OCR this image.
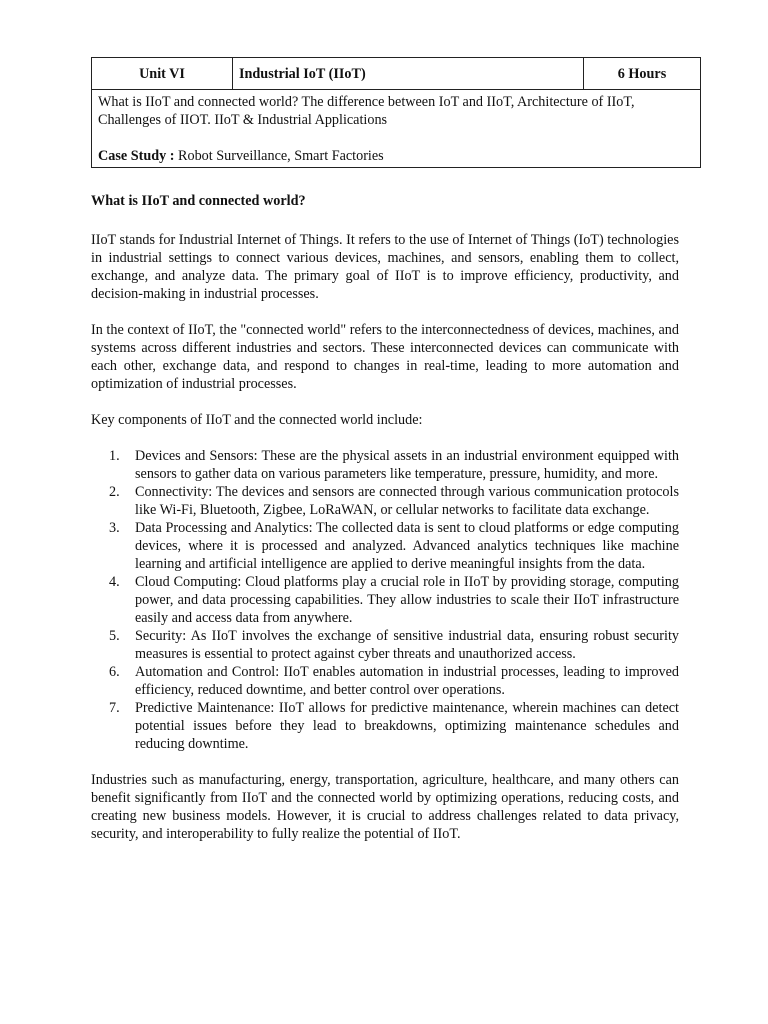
Unit VI	Industrial IoT (IIoT)	6 Hours

What is IIoT and connected world? The difference between IoT and IIoT, Architecture of IIoT, Challenges of IIOT. IIoT & Industrial Applications

Case Study : Robot Surveillance, Smart Factories

What is IIoT and connected world?

IIoT stands for Industrial Internet of Things. It refers to the use of Internet of Things (IoT) technologies in industrial settings to connect various devices, machines, and sensors, enabling them to collect, exchange, and analyze data. The primary goal of IIoT is to improve efficiency, productivity, and decision-making in industrial processes.

In the context of IIoT, the "connected world" refers to the interconnectedness of devices, machines, and systems across different industries and sectors. These interconnected devices can communicate with each other, exchange data, and respond to changes in real-time, leading to more automation and optimization of industrial processes.

Key components of IIoT and the connected world include:

1. Devices and Sensors: These are the physical assets in an industrial environment equipped with sensors to gather data on various parameters like temperature, pressure, humidity, and more.
2. Connectivity: The devices and sensors are connected through various communication protocols like Wi-Fi, Bluetooth, Zigbee, LoRaWAN, or cellular networks to facilitate data exchange.
3. Data Processing and Analytics: The collected data is sent to cloud platforms or edge computing devices, where it is processed and analyzed. Advanced analytics techniques like machine learning and artificial intelligence are applied to derive meaningful insights from the data.
4. Cloud Computing: Cloud platforms play a crucial role in IIoT by providing storage, computing power, and data processing capabilities. They allow industries to scale their IIoT infrastructure easily and access data from anywhere.
5. Security: As IIoT involves the exchange of sensitive industrial data, ensuring robust security measures is essential to protect against cyber threats and unauthorized access.
6. Automation and Control: IIoT enables automation in industrial processes, leading to improved efficiency, reduced downtime, and better control over operations.
7. Predictive Maintenance: IIoT allows for predictive maintenance, wherein machines can detect potential issues before they lead to breakdowns, optimizing maintenance schedules and reducing downtime.

Industries such as manufacturing, energy, transportation, agriculture, healthcare, and many others can benefit significantly from IIoT and the connected world by optimizing operations, reducing costs, and creating new business models. However, it is crucial to address challenges related to data privacy, security, and interoperability to fully realize the potential of IIoT.
